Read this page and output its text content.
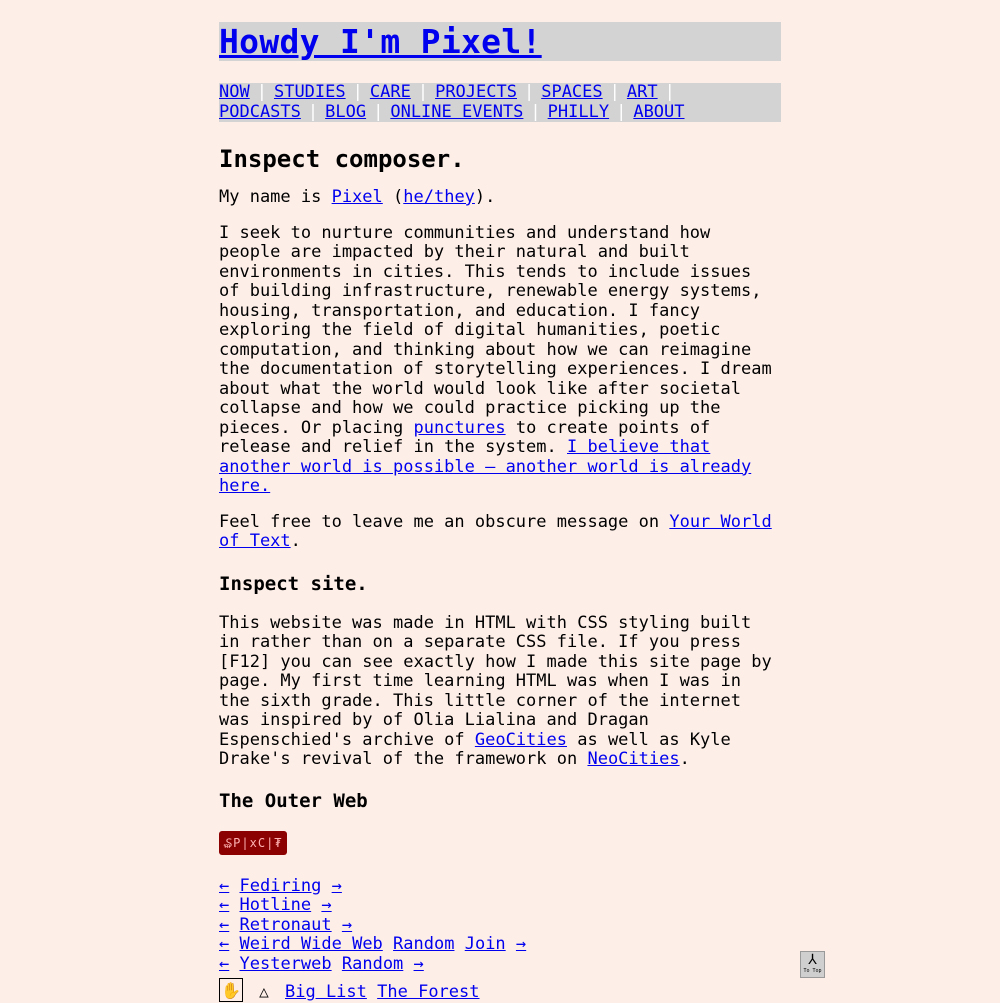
Howdy I'm Pixel!
NOW | STUDIES | CARE | PROJECTS | SPACES | ART |
PODCASTS | BLOG | ONLINE EVENTS | PHILLY | ABOUT
Inspect composer.

My name is Pixel (he/they).

I seek to nurture communities and understand how people are impacted by their natural and built environments in cities. This tends to include issues of building infrastructure, renewable energy systems, housing, transportation, and education. I fancy exploring the field of digital humanities, poetic computation, and thinking about how we can reimagine the documentation of storytelling experiences. I dream about what the world would look like after societal collapse and how we could practice picking up the pieces. Or placing punctures to create points of release and relief in the system. I believe that another world is possible — another world is already here.

Feel free to leave me an obscure message on Your World of Text.

Inspect site.

This website was made in HTML with CSS styling built in rather than on a separate CSS file. If you press [F12] you can see exactly how I made this site page by page. My first time learning HTML was when I was in the sixth grade. This little corner of the internet was inspired by of Olia Lialina and Dragan Espenschied's archive of GeoCities as well as Kyle Drake's revival of the framework on NeoCities.

The Outer Web
₷P|xC|₮
← Fediring →
← Hotline →
← Retronaut →
← Weird Wide Web Random Join →
← Yesterweb Random →
✋	△ Big List
The Forest
⅄
To Top
